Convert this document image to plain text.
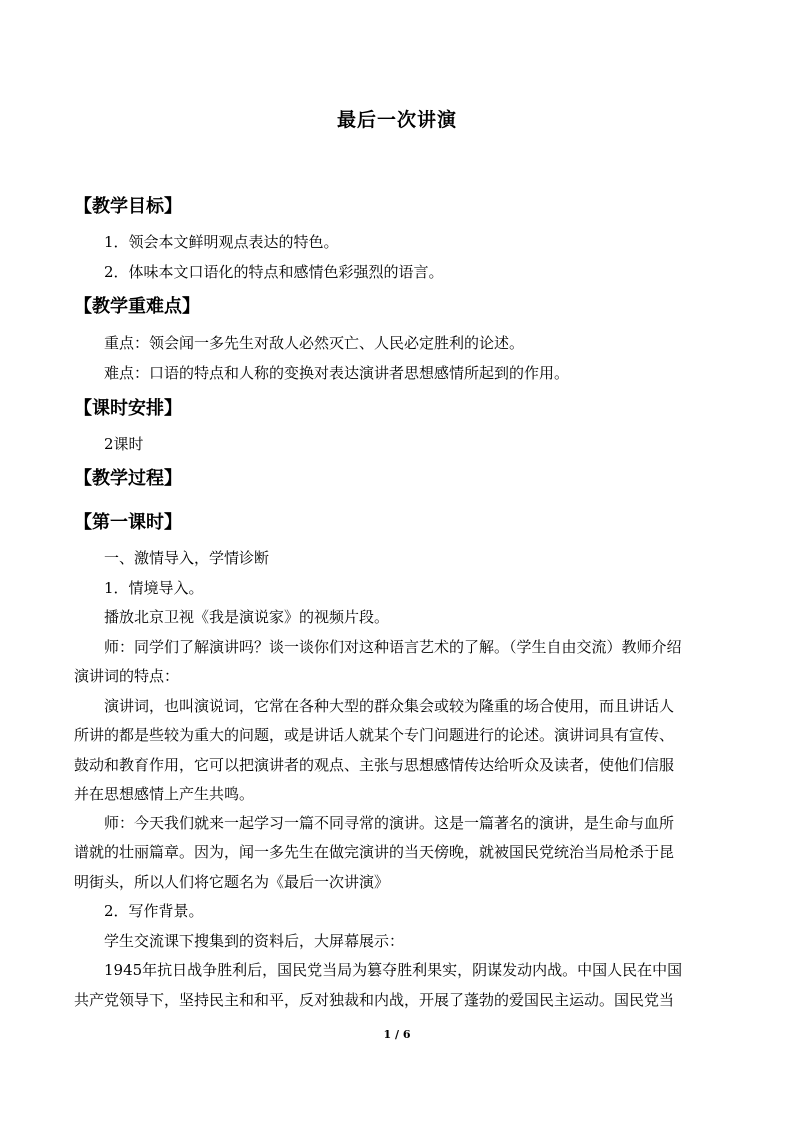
最后一次讲演
【教学目标】
1．领会本文鲜明观点表达的特色。
2．体味本文口语化的特点和感情色彩强烈的语言。
【教学重难点】
重点：领会闻一多先生对敌人必然灭亡、人民必定胜利的论述。
难点：口语的特点和人称的变换对表达演讲者思想感情所起到的作用。
【课时安排】
2课时
【教学过程】
【第一课时】
一、激情导入，学情诊断
1．情境导入。
播放北京卫视《我是演说家》的视频片段。
师：同学们了解演讲吗？谈一谈你们对这种语言艺术的了解。（学生自由交流）教师介绍
演讲词的特点：
演讲词，也叫演说词，它常在各种大型的群众集会或较为隆重的场合使用，而且讲话人
所讲的都是些较为重大的问题，或是讲话人就某个专门问题进行的论述。演讲词具有宣传、
鼓动和教育作用，它可以把演讲者的观点、主张与思想感情传达给听众及读者，使他们信服
并在思想感情上产生共鸣。
师：今天我们就来一起学习一篇不同寻常的演讲。这是一篇著名的演讲，是生命与血所
谱就的壮丽篇章。因为，闻一多先生在做完演讲的当天傍晚，就被国民党统治当局枪杀于昆
明街头，所以人们将它题名为《最后一次讲演》
2．写作背景。
学生交流课下搜集到的资料后，大屏幕展示：
1945年抗日战争胜利后，国民党当局为篡夺胜利果实，阴谋发动内战。中国人民在中国
共产党领导下，坚持民主和和平，反对独裁和内战，开展了蓬勃的爱国民主运动。国民党当
1 / 6
